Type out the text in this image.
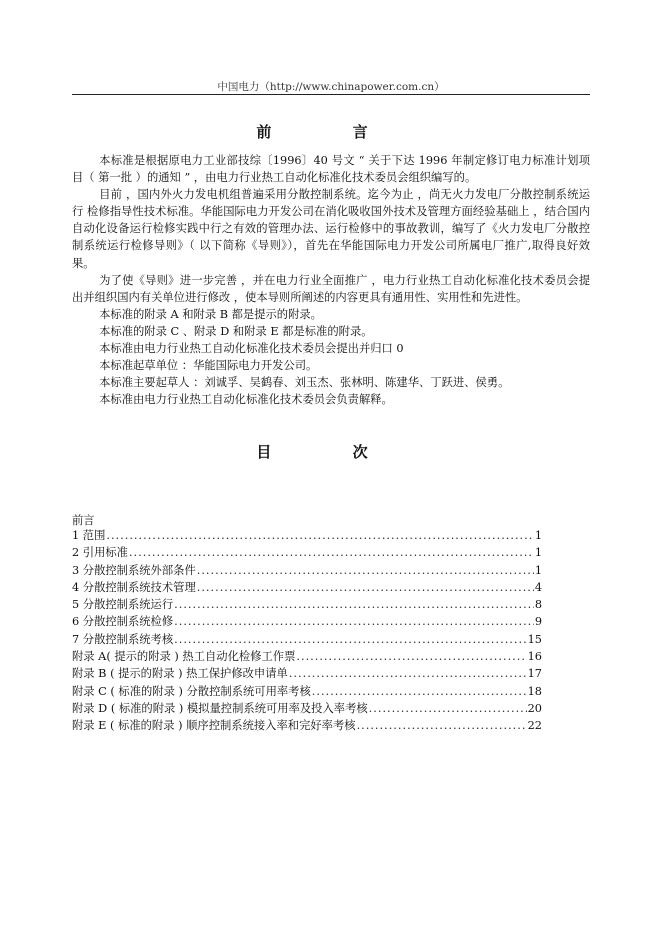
中国电力（http://www.chinapower.com.cn）
前 言

本标准是根据原电力工业部技综〔1996〕40 号文 “ 关于下达 1996 年制定修订电力标准计划项目（ 第一批 ）的通知 ” ，由电力行业热工自动化标准化技术委员会组织编写的。

目前 ，国内外火力发电机组普遍采用分散控制系统。迄今为止 ，尚无火力发电厂分散控制系统运行 检修指导性技术标准。华能国际电力开发公司在消化吸收国外技术及管理方面经验基础上 ，结合国内自动化设备运行检修实践中行之有效的管理办法、运行检修中的事故教训，编写了《火力发电厂分散控制系统运行检修导则》（ 以下简称《导则》），首先在华能国际电力开发公司所属电厂推广,取得良好效果。

为了使《导则》进一步完善 ，并在电力行业全面推广 ，电力行业热工自动化标准化技术委员会提出并组织国内有关单位进行修改 ，使本导则所阐述的内容更具有通用性、实用性和先进性。

本标准的附录 A 和附录 B 都是提示的附录。

本标准的附录 C 、附录 D 和附录 E 都是标准的附录。

本标准由电力行业热工自动化标准化技术委员会提出并归口 0

本标准起草单位 ：华能国际电力开发公司。

本标准主要起草人 ：刘诚孚、吴鹤春、刘玉杰、张林明、陈建华、丁跃进、侯勇。

本标准由电力行业热工自动化标准化技术委员会负责解释。

目 次
前言
1 范围 .....	1
2 引用标准 .....	1
3 分散控制系统外部条件 .....	1
4 分散控制系统技术管理 .....	4
5 分散控制系统运行 .....	8
6 分散控制系统检修 .....	9
7 分散控制系统考核 .....	15
附录 A( 提示的附录 ) 热工自动化检修工作票 .....	16
附录 B ( 提示的附录 ) 热工保护修改申请单 .....	17
附录 C ( 标准的附录 ) 分散控制系统可用率考核 .....	18
附录 D ( 标准的附录 ) 模拟量控制系统可用率及投入率考核 .....	20
附录 E ( 标准的附录 ) 顺序控制系统接入率和完好率考核 .....	22
